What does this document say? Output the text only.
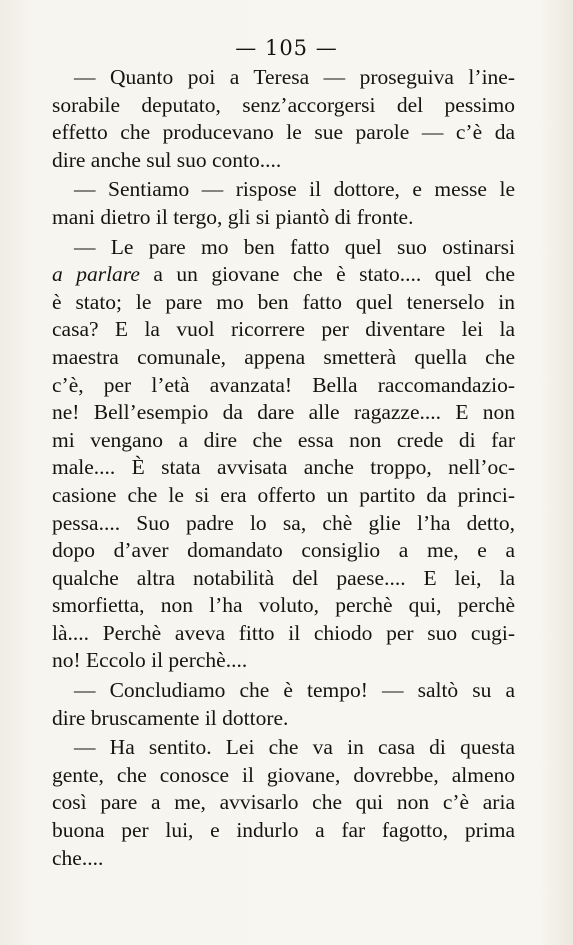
— 105 —
— Quanto poi a Teresa — proseguiva l’ine-
sorabile deputato, senz’accorgersi del pessimo
effetto che producevano le sue parole — c’è da
dire anche sul suo conto....
— Sentiamo — rispose il dottore, e messe le
mani dietro il tergo, gli si piantò di fronte.
— Le pare mo ben fatto quel suo ostinarsi
a parlare a un giovane che è stato.... quel che
è stato; le pare mo ben fatto quel tenerselo in
casa? E la vuol ricorrere per diventare lei la
maestra comunale, appena smetterà quella che
c’è, per l’età avanzata! Bella raccomandazio-
ne! Bell’esempio da dare alle ragazze.... E non
mi vengano a dire che essa non crede di far
male.... È stata avvisata anche troppo, nell’oc-
casione che le si era offerto un partito da princi-
pessa.... Suo padre lo sa, chè glie l’ha detto,
dopo d’aver domandato consiglio a me, e a
qualche altra notabilità del paese.... E lei, la
smorfietta, non l’ha voluto, perchè qui, perchè
là.... Perchè aveva fitto il chiodo per suo cugi-
no! Eccolo il perchè....
— Concludiamo che è tempo! — saltò su a
dire bruscamente il dottore.
— Ha sentito. Lei che va in casa di questa
gente, che conosce il giovane, dovrebbe, almeno
così pare a me, avvisarlo che qui non c’è aria
buona per lui, e indurlo a far fagotto, prima
che....
